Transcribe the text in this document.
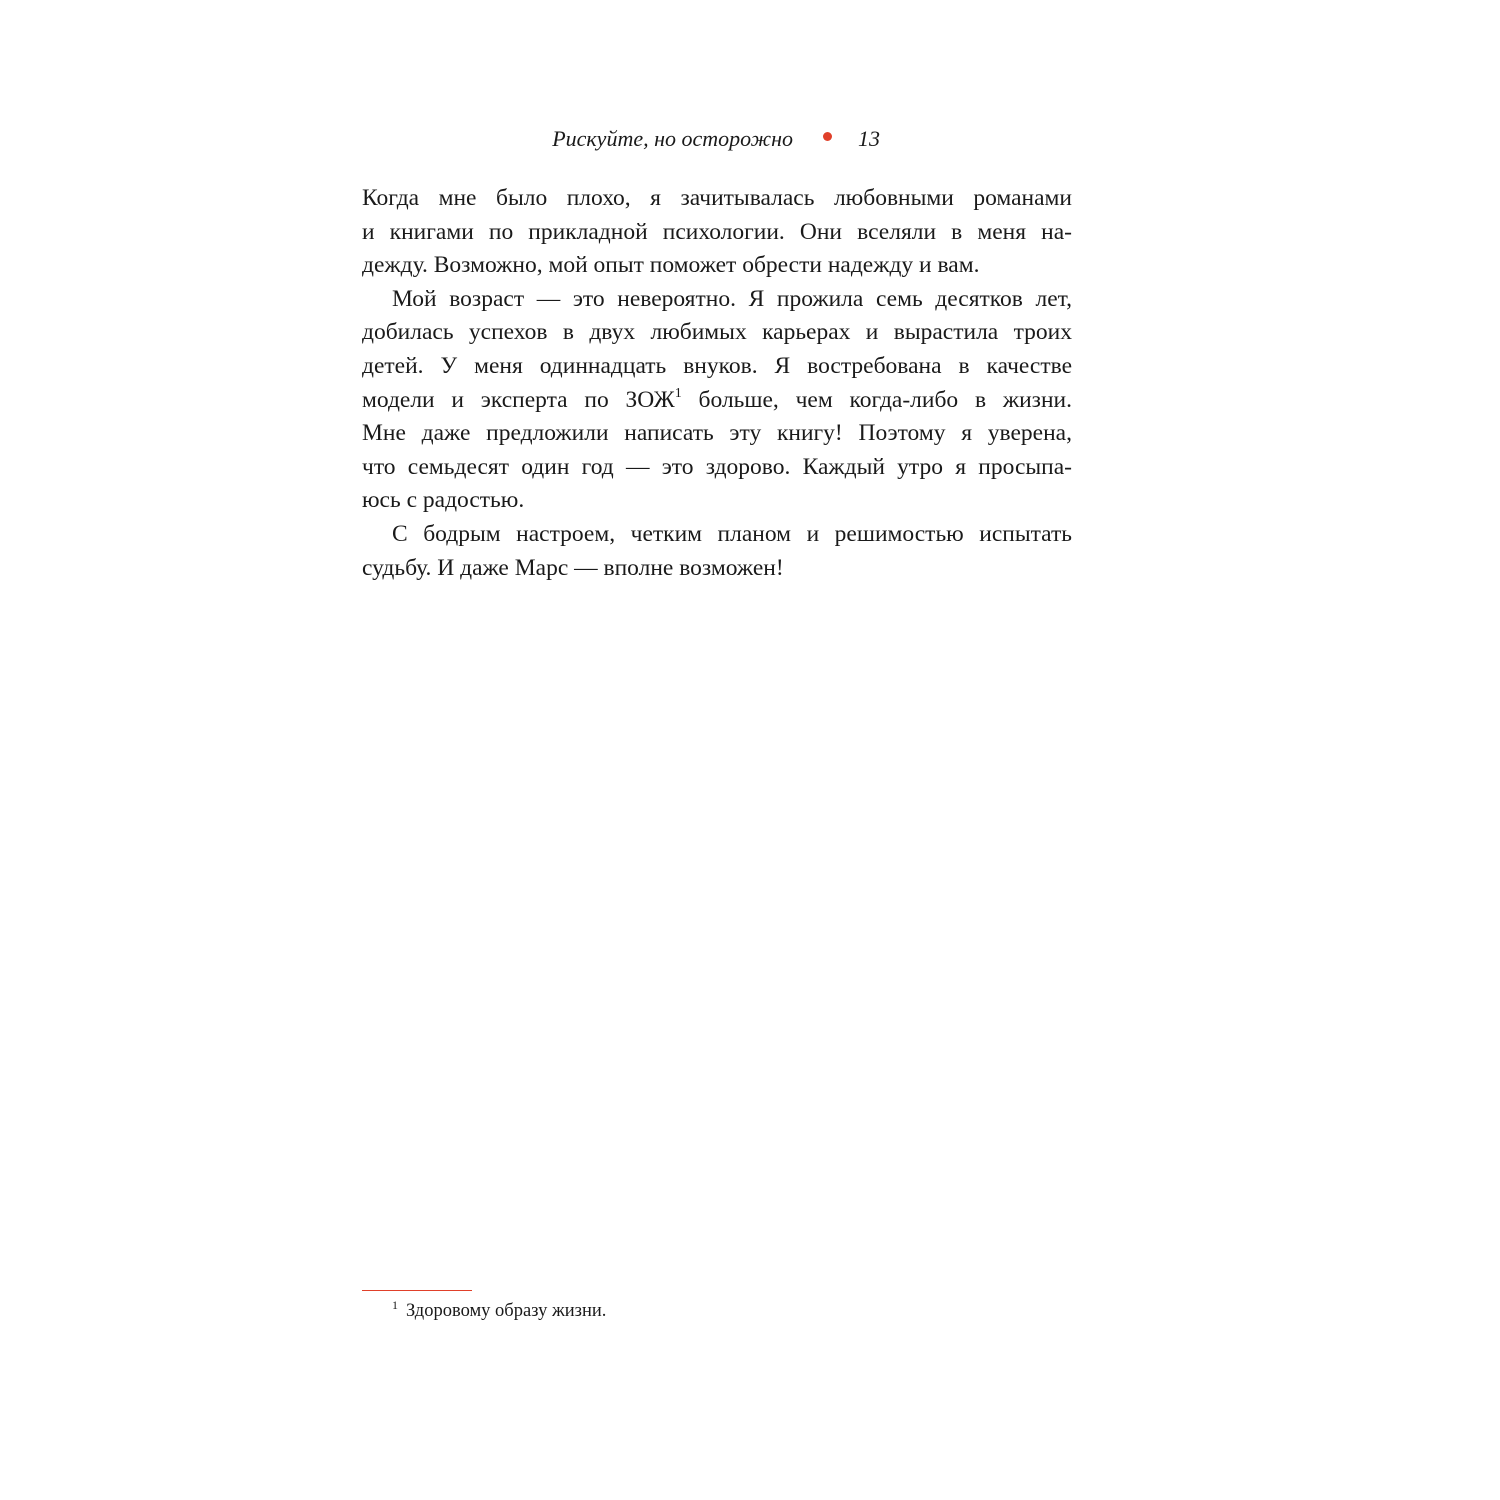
Рискуйте, но осторожно	13
Когда мне было плохо, я зачитывалась любовными романами
и книгами по прикладной психологии. Они вселяли в меня на-
дежду. Возможно, мой опыт поможет обрести надежду и вам.
Мой возраст — это невероятно. Я прожила семь десятков лет,
добилась успехов в двух любимых карьерах и вырастила троих
детей. У меня одиннадцать внуков. Я востребована в качестве
модели и эксперта по ЗОЖ$^1$ больше, чем когда-либо в жизни.
Мне даже предложили написать эту книгу! Поэтому я уверена,
что семьдесят один год — это здорово. Каждый утро я просыпа-
юсь с радостью.
С бодрым настроем, четким планом и решимостью испытать
судьбу. И даже Марс — вполне возможен!
$^1$ Здоровому образу жизни.
